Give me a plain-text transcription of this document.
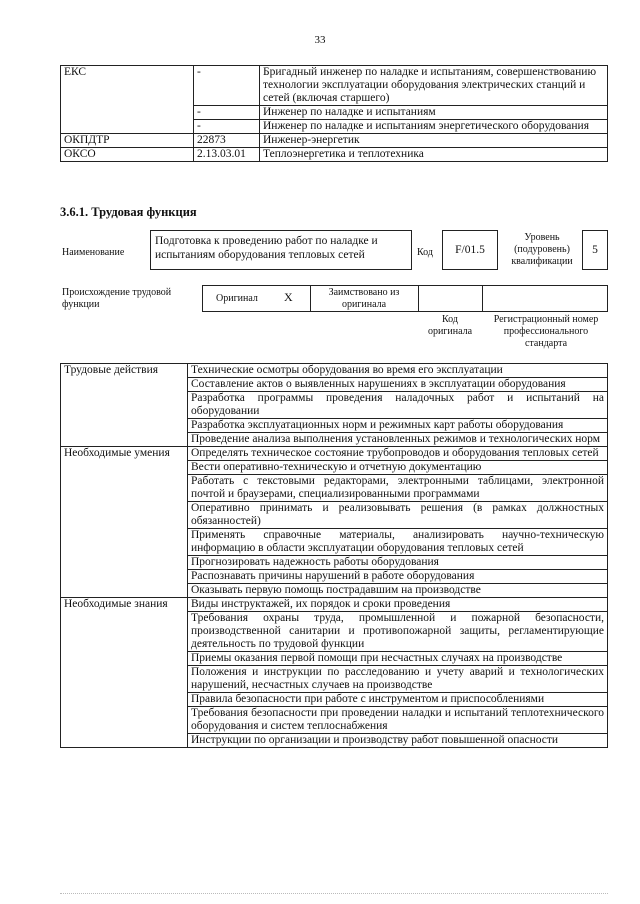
33
ЕКС	-	Бригадный инженер по наладке и испытаниям, совершенствованию технологии эксплуатации оборудования электрических станций и сетей (включая старшего)
	-	Инженер по наладке и испытаниям
	-	Инженер по наладке и испытаниям энергетического оборудования
ОКПДТР	22873	Инженер-энергетик
ОКСО	2.13.03.01	Теплоэнергетика и теплотехника
3.6.1. Трудовая функция
Наименование
Подготовка к проведению работ по наладке и испытаниям оборудования тепловых сетей	Код	F/01.5
Уровень (подуровень) квалификации
5
Происхождение трудовой функции
Оригинал X	Заимствовано из оригинала
Код оригинала
Регистрационный номер профессионального стандарта
Трудовые действия	Технические осмотры оборудования во время его эксплуатации
	Составление актов о выявленных нарушениях в эксплуатации оборудования
	Разработка программы проведения наладочных работ и испытаний на оборудовании
	Разработка эксплуатационных норм и режимных карт работы оборудования
	Проведение анализа выполнения установленных режимов и технологических норм
Необходимые умения	Определять техническое состояние трубопроводов и оборудования тепловых сетей
	Вести оперативно-техническую и отчетную документацию
	Работать с текстовыми редакторами, электронными таблицами, электронной почтой и браузерами, специализированными программами
	Оперативно принимать и реализовывать решения (в рамках должностных обязанностей)
	Применять справочные материалы, анализировать научно-техническую информацию в области эксплуатации оборудования тепловых сетей
	Прогнозировать надежность работы оборудования
	Распознавать причины нарушений в работе оборудования
	Оказывать первую помощь пострадавшим на производстве
Необходимые знания	Виды инструктажей, их порядок и сроки проведения
	Требования охраны труда, промышленной и пожарной безопасности, производственной санитарии и противопожарной защиты, регламентирующие деятельность по трудовой функции
	Приемы оказания первой помощи при несчастных случаях на производстве
	Положения и инструкции по расследованию и учету аварий и технологических нарушений, несчастных случаев на производстве
	Правила безопасности при работе с инструментом и приспособлениями
	Требования безопасности при проведении наладки и испытаний теплотехнического оборудования и систем теплоснабжения
	Инструкции по организации и производству работ повышенной опасности
